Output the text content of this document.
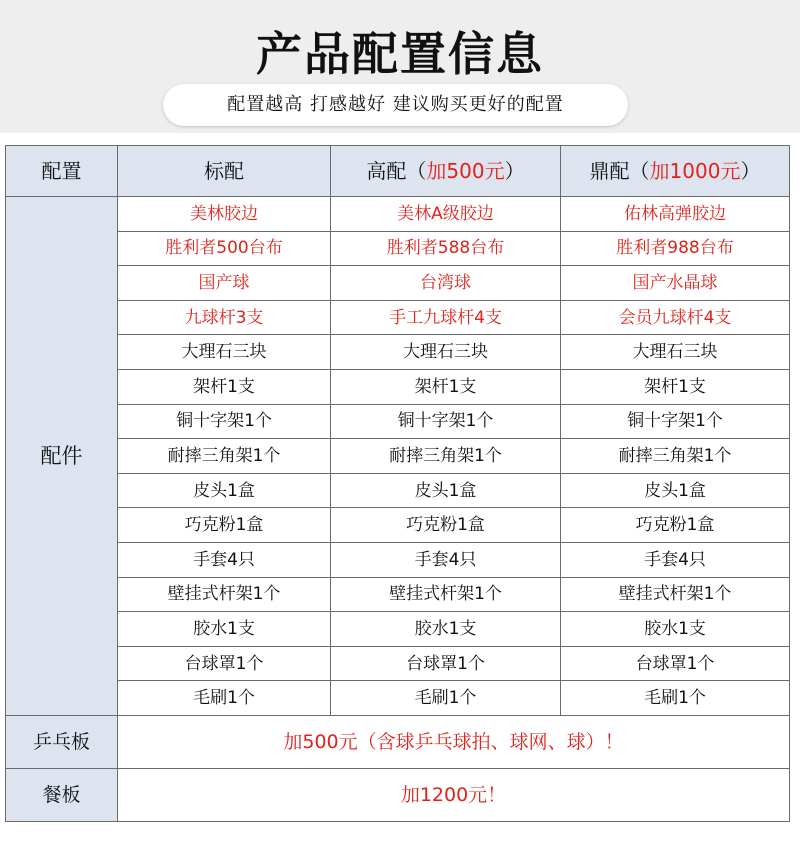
产品配置信息
配置越高 打感越好 建议购买更好的配置
配置	标配	高配（加500元）	鼎配（加1000元）
配件	美林胶边	美林A级胶边	佑林高弹胶边
	胜利者500台布	胜利者588台布	胜利者988台布
	国产球	台湾球	国产水晶球
	九球杆3支	手工九球杆4支	会员九球杆4支
	大理石三块	大理石三块	大理石三块
	架杆1支	架杆1支	架杆1支
	铜十字架1个	铜十字架1个	铜十字架1个
	耐摔三角架1个	耐摔三角架1个	耐摔三角架1个
	皮头1盒	皮头1盒	皮头1盒
	巧克粉1盒	巧克粉1盒	巧克粉1盒
	手套4只	手套4只	手套4只
	壁挂式杆架1个	壁挂式杆架1个	壁挂式杆架1个
	胶水1支	胶水1支	胶水1支
	台球罩1个	台球罩1个	台球罩1个
	毛刷1个	毛刷1个	毛刷1个
乒乓板	加500元（含球乒乓球拍、球网、球）！		
餐板	加1200元！		
